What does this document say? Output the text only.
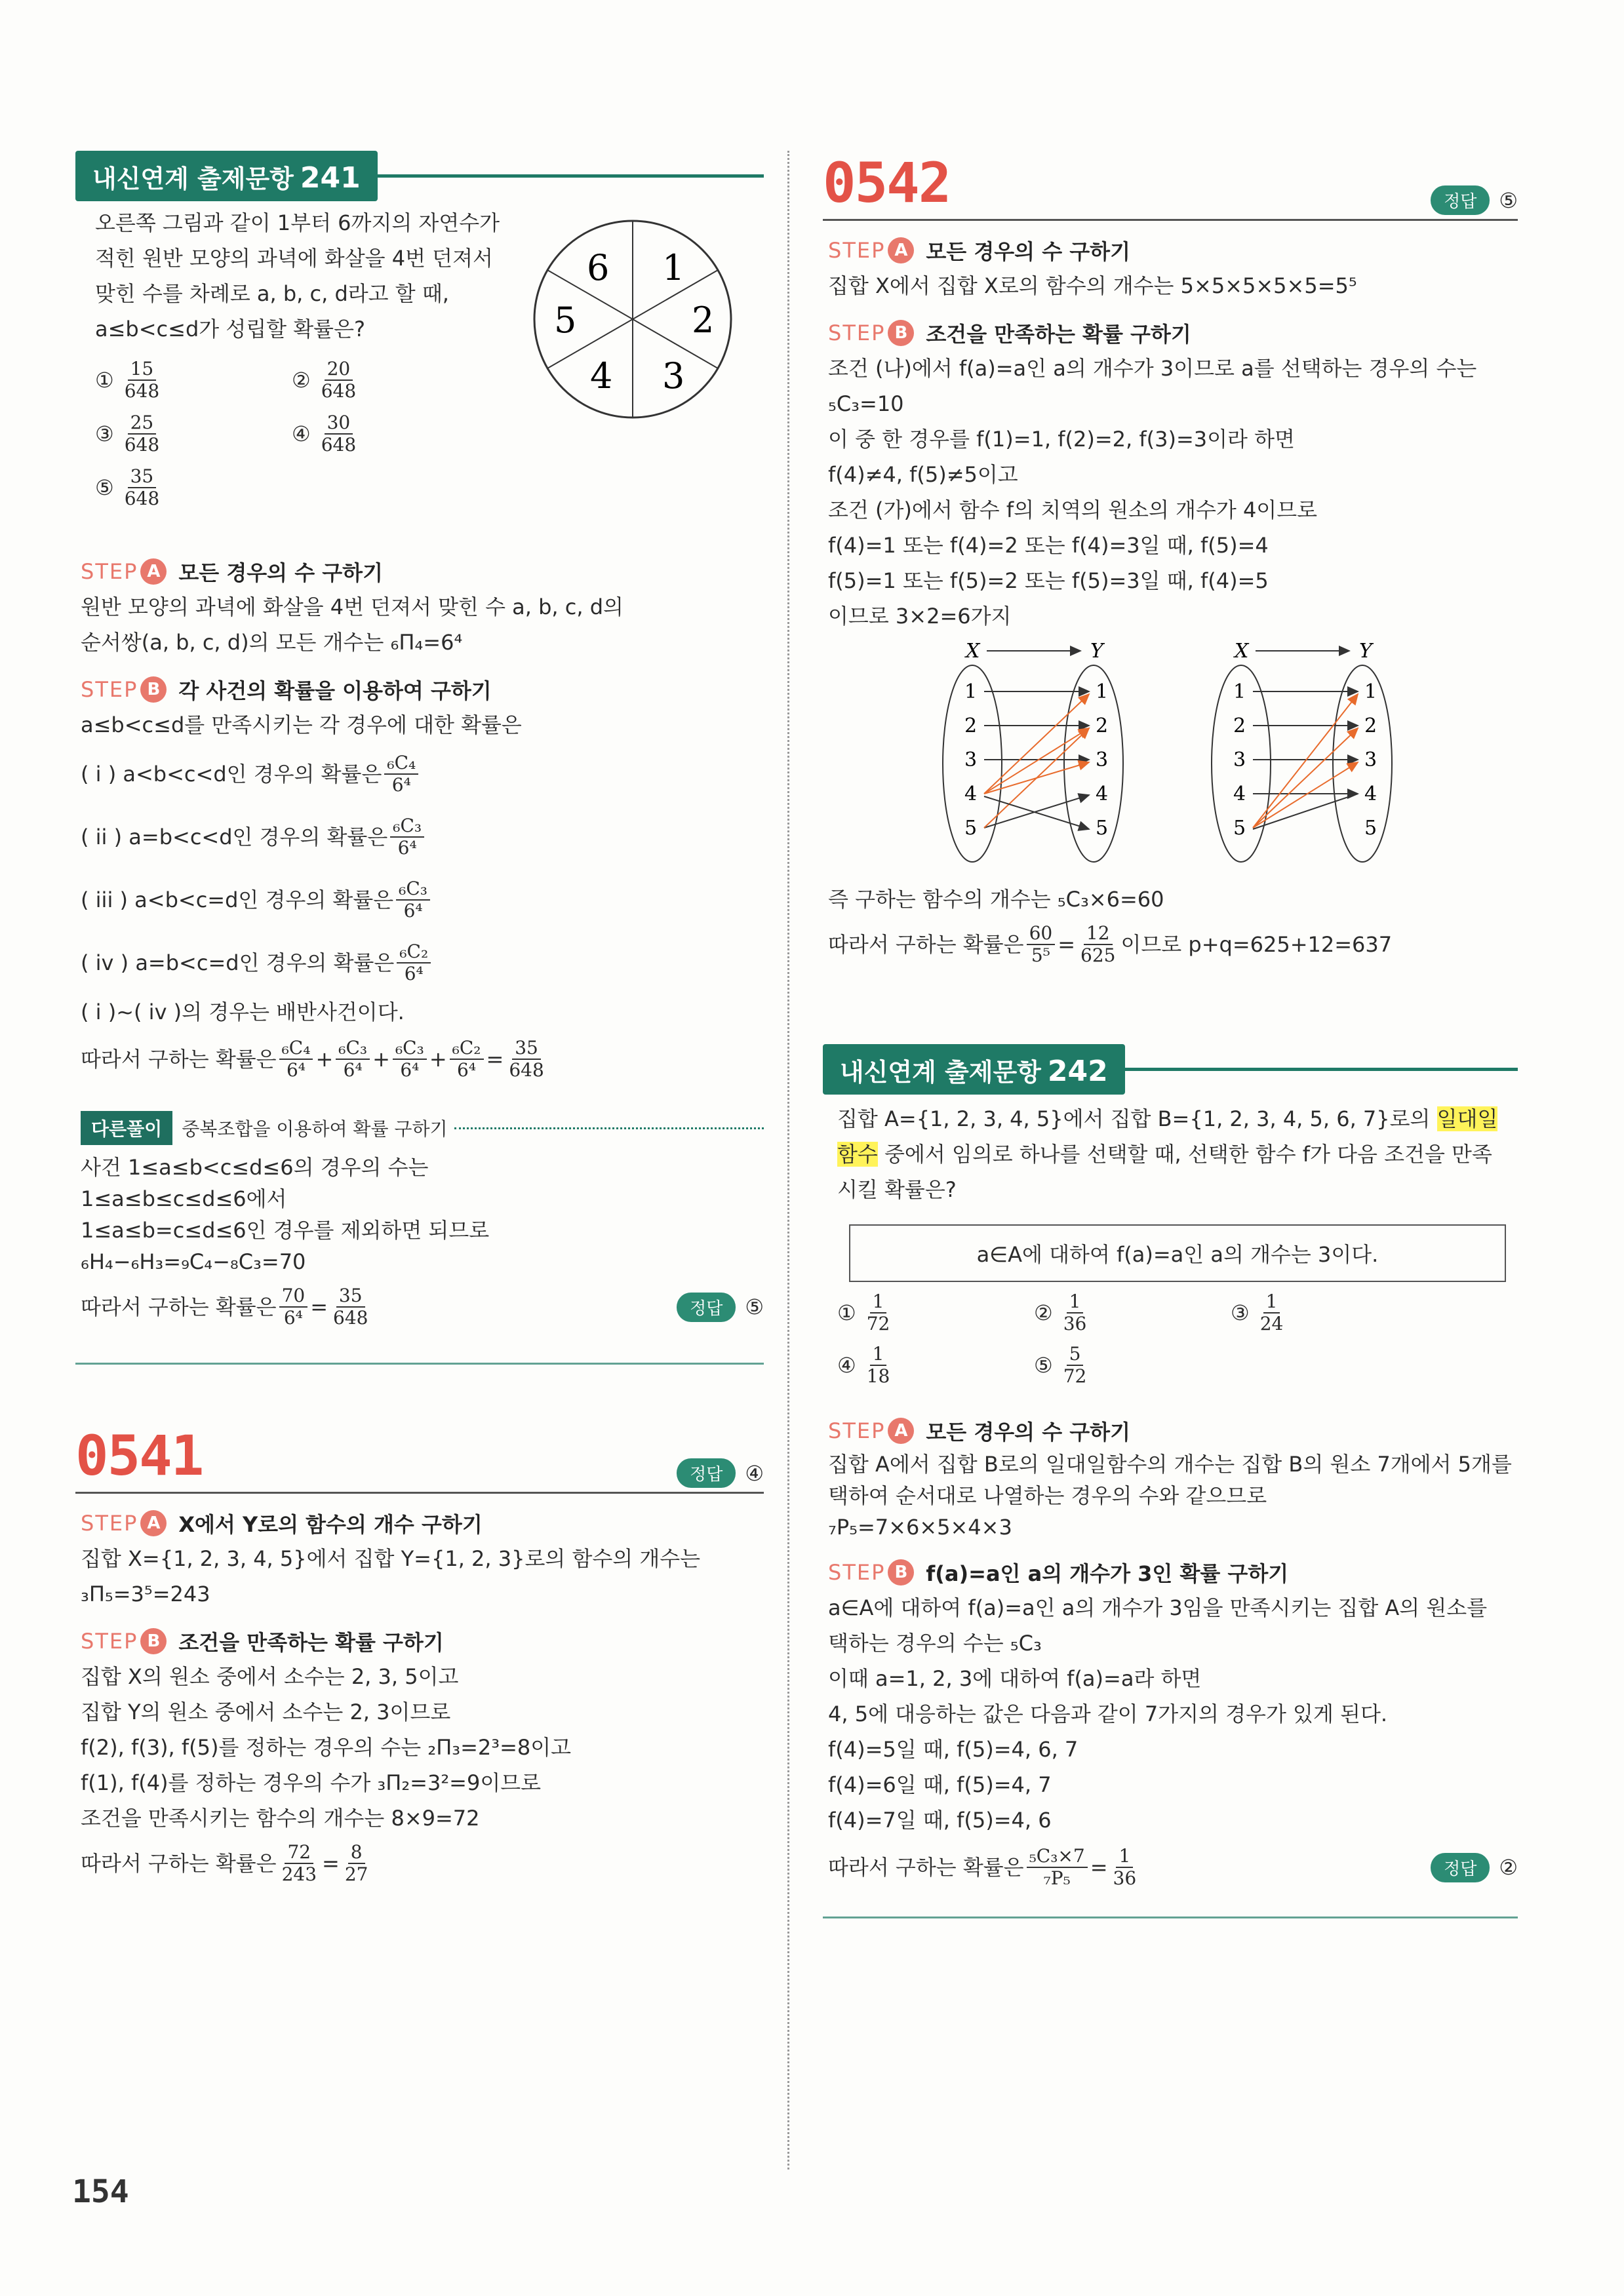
내신연계 출제문항 241
오른쪽 그림과 같이 1부터 6까지의 자연수가
적힌 원반 모양의 과녁에 화살을 4번 던져서
맞힌 수를 차례로 a, b, c, d라고 할 때,
a≤b<c≤d가 성립할 확률은?
1
2
3
4
5
6
① $\frac{15}{648}$	② $\frac{20}{648}$
③ $\frac{25}{648}$	④ $\frac{30}{648}$
⑤ $\frac{35}{648}$
STEP A 모든 경우의 수 구하기
원반 모양의 과녁에 화살을 4번 던져서 맞힌 수 a, b, c, d의
순서쌍(a, b, c, d)의 모든 개수는 ₆Π₄=6⁴
STEP B 각 사건의 확률을 이용하여 구하기
a≤b<c≤d를 만족시키는 각 경우에 대한 확률은
( i ) a<b<c<d인 경우의 확률은 $\frac{\text{₆C₄}}{\text{6⁴}}$
( ii ) a=b<c<d인 경우의 확률은 $\frac{\text{₆C₃}}{\text{6⁴}}$
( iii ) a<b<c=d인 경우의 확률은 $\frac{\text{₆C₃}}{\text{6⁴}}$
( iv ) a=b<c=d인 경우의 확률은 $\frac{\text{₆C₂}}{\text{6⁴}}$
( i )~( iv )의 경우는 배반사건이다.
따라서 구하는 확률은 $\frac{\text{₆C₄}}{\text{6⁴}} + \frac{\text{₆C₃}}{\text{6⁴}} + \frac{\text{₆C₃}}{\text{6⁴}} + \frac{\text{₆C₂}}{\text{6⁴}} = \frac{35}{648}$
다른풀이	중복조합을 이용하여 확률 구하기
사건 1≤a≤b<c≤d≤6의 경우의 수는
1≤a≤b≤c≤d≤6에서
1≤a≤b=c≤d≤6인 경우를 제외하면 되므로
₆H₄−₆H₃=₉C₄−₈C₃=70
따라서 구하는 확률은 $\frac{70}{\text{6⁴}} = \frac{35}{648}$	정답	⑤
0541	정답	④
STEP A X에서 Y로의 함수의 개수 구하기
집합 X={1, 2, 3, 4, 5}에서 집합 Y={1, 2, 3}로의 함수의 개수는
₃Π₅=3⁵=243
STEP B 조건을 만족하는 확률 구하기
집합 X의 원소 중에서 소수는 2, 3, 5이고
집합 Y의 원소 중에서 소수는 2, 3이므로
f(2), f(3), f(5)를 정하는 경우의 수는 ₂Π₃=2³=8이고
f(1), f(4)를 정하는 경우의 수가 ₃Π₂=3²=9이므로
조건을 만족시키는 함수의 개수는 8×9=72
따라서 구하는 확률은 $\frac{72}{243} = \frac{8}{27}$
0542	정답	⑤
STEP A 모든 경우의 수 구하기
집합 X에서 집합 X로의 함수의 개수는 5×5×5×5×5=5⁵
STEP B 조건을 만족하는 확률 구하기
조건 (나)에서 f(a)=a인 a의 개수가 3이므로 a를 선택하는 경우의 수는
₅C₃=10
이 중 한 경우를 f(1)=1, f(2)=2, f(3)=3이라 하면
f(4)≠4, f(5)≠5이고
조건 (가)에서 함수 f의 치역의 원소의 개수가 4이므로
f(4)=1 또는 f(4)=2 또는 f(4)=3일 때, f(5)=4
f(5)=1 또는 f(5)=2 또는 f(5)=3일 때, f(4)=5
이므로 3×2=6가지
X	Y
1
2
3
4
5
1
2
3
4
5
X	Y
1
2
3
4
5
1
2
3
4
5
즉 구하는 함수의 개수는 ₅C₃×6=60
따라서 구하는 확률은 $\frac{60}{\text{5⁵}} = \frac{12}{625}$ 이므로 p+q=625+12=637
내신연계 출제문항 242
집합 A={1, 2, 3, 4, 5}에서 집합 B={1, 2, 3, 4, 5, 6, 7}로의 일대일
함수 중에서 임의로 하나를 선택할 때, 선택한 함수 f가 다음 조건을 만족
시킬 확률은?
a∈A에 대하여 f(a)=a인 a의 개수는 3이다.
① $\frac{1}{72}$	② $\frac{1}{36}$	③ $\frac{1}{24}$
④ $\frac{1}{18}$	⑤ $\frac{5}{72}$
STEP A 모든 경우의 수 구하기
집합 A에서 집합 B로의 일대일함수의 개수는 집합 B의 원소 7개에서 5개를
택하여 순서대로 나열하는 경우의 수와 같으므로
₇P₅=7×6×5×4×3
STEP B f(a)=a인 a의 개수가 3인 확률 구하기
a∈A에 대하여 f(a)=a인 a의 개수가 3임을 만족시키는 집합 A의 원소를
택하는 경우의 수는 ₅C₃
이때 a=1, 2, 3에 대하여 f(a)=a라 하면
4, 5에 대응하는 값은 다음과 같이 7가지의 경우가 있게 된다.
f(4)=5일 때, f(5)=4, 6, 7
f(4)=6일 때, f(5)=4, 7
f(4)=7일 때, f(5)=4, 6
따라서 구하는 확률은 $\frac{\text{₅C₃×7}}{\text{₇P₅}} = \frac{1}{36}$	정답	②
154
